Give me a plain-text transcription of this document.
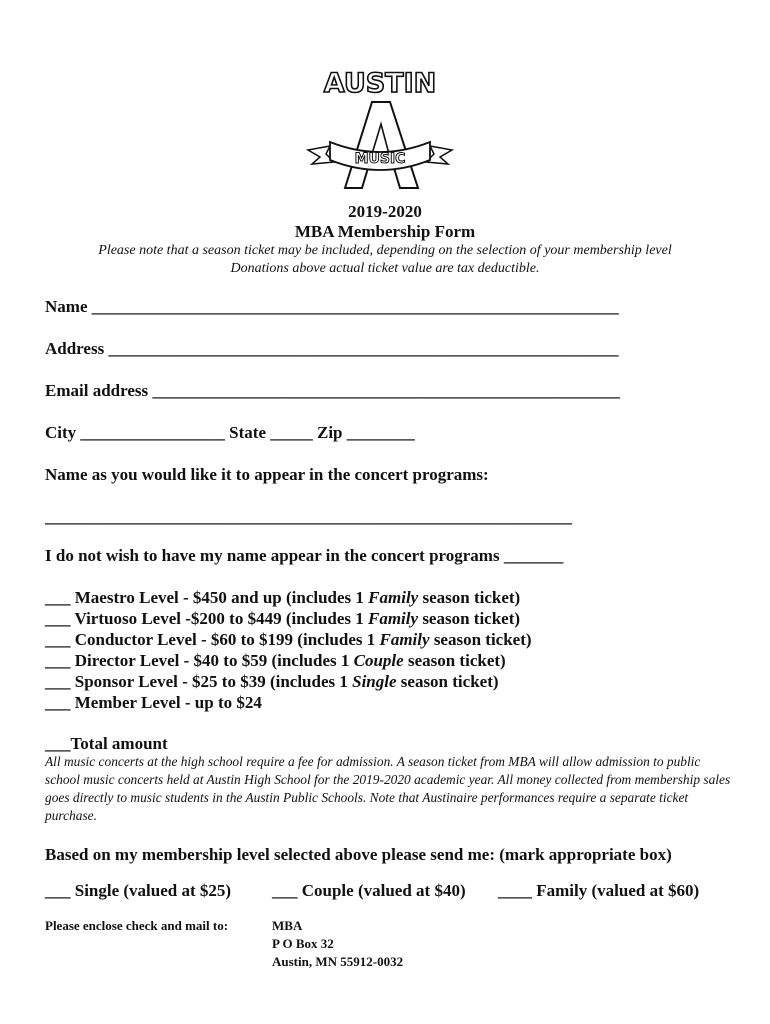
AUSTIN
MUSIC
2019-2020
MBA Membership Form
Please note that a season ticket may be included, depending on the selection of your membership level
Donations above actual ticket value are tax deductible.
Name ______________________________________________________________
Address ____________________________________________________________
Email address _______________________________________________________
City _________________ State _____ Zip ________
Name as you would like it to appear in the concert programs:
______________________________________________________________
I do not wish to have my name appear in the concert programs _______
___ Maestro Level - $450 and up (includes 1 Family season ticket)
___ Virtuoso Level -$200 to $449 (includes 1 Family season ticket)
___ Conductor Level - $60 to $199 (includes 1 Family season ticket)
___ Director Level - $40 to $59 (includes 1 Couple season ticket)
___ Sponsor Level - $25 to $39 (includes 1 Single season ticket)
___ Member Level - up to $24
___Total amount
All music concerts at the high school require a fee for admission. A season ticket from MBA will allow admission to public school music concerts held at Austin High School for the 2019-2020 academic year. All money collected from membership sales goes directly to music students in the Austin Public Schools. Note that Austinaire performances require a separate ticket purchase.
Based on my membership level selected above please send me: (mark appropriate box)
___ Single (valued at $25) ___ Couple (valued at $40) ____ Family (valued at $60)
Please enclose check and mail to:	MBA
P O Box 32
Austin, MN 55912-0032
